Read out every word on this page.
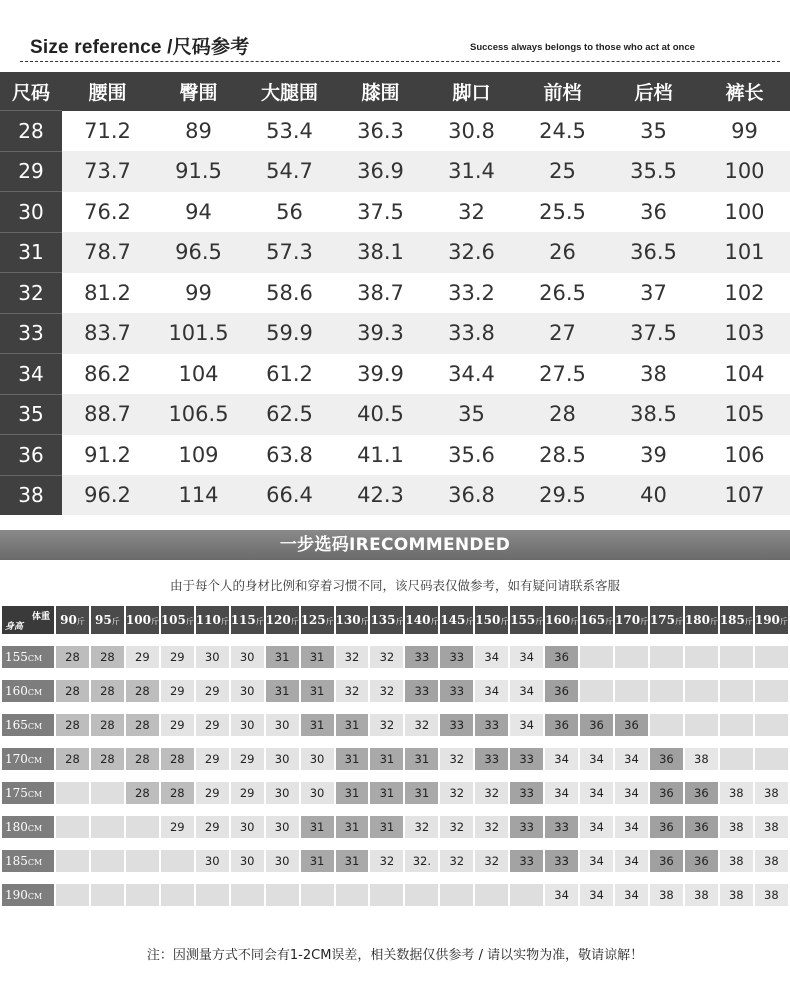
Size reference /尺码参考	Success always belongs to those who act at once
尺码	腰围	臀围	大腿围	膝围	脚口	前档	后档	裤长
28	71.2	89	53.4	36.3	30.8	24.5	35	99
29	73.7	91.5	54.7	36.9	31.4	25	35.5	100
30	76.2	94	56	37.5	32	25.5	36	100
31	78.7	96.5	57.3	38.1	32.6	26	36.5	101
32	81.2	99	58.6	38.7	33.2	26.5	37	102
33	83.7	101.5	59.9	39.3	33.8	27	37.5	103
34	86.2	104	61.2	39.9	34.4	27.5	38	104
35	88.7	106.5	62.5	40.5	35	28	38.5	105
36	91.2	109	63.8	41.1	35.6	28.5	39	106
38	96.2	114	66.4	42.3	36.8	29.5	40	107
一步选码IRECOMMENDED
由于每个人的身材比例和穿着习惯不同，该尺码表仅做参考，如有疑问请联系客服
体重
身高	90斤	95斤	100斤	105斤	110斤	115斤	120斤	125斤	130斤	135斤	140斤	145斤	150斤	155斤	160斤	165斤	170斤	175斤	180斤	185斤	190斤

155CM	28	28	29	29	30	30	31	31	32	32	33	33	34	34	36						

160CM	28	28	28	29	29	30	31	31	32	32	33	33	34	34	36						

165CM	28	28	28	29	29	30	30	31	31	32	32	33	33	34	36	36	36				

170CM	28	28	28	28	29	29	30	30	31	31	31	32	33	33	34	34	34	36	38		

175CM			28	28	29	29	30	30	31	31	31	32	32	33	34	34	34	36	36	38	38

180CM				29	29	30	30	31	31	31	32	32	32	33	33	34	34	36	36	38	38

185CM					30	30	30	31	31	32	32.	32	32	33	33	34	34	36	36	38	38

190CM															34	34	34	38	38	38	38
注：因测量方式不同会有1-2CM误差，相关数据仅供参考 / 请以实物为准，敬请谅解！
